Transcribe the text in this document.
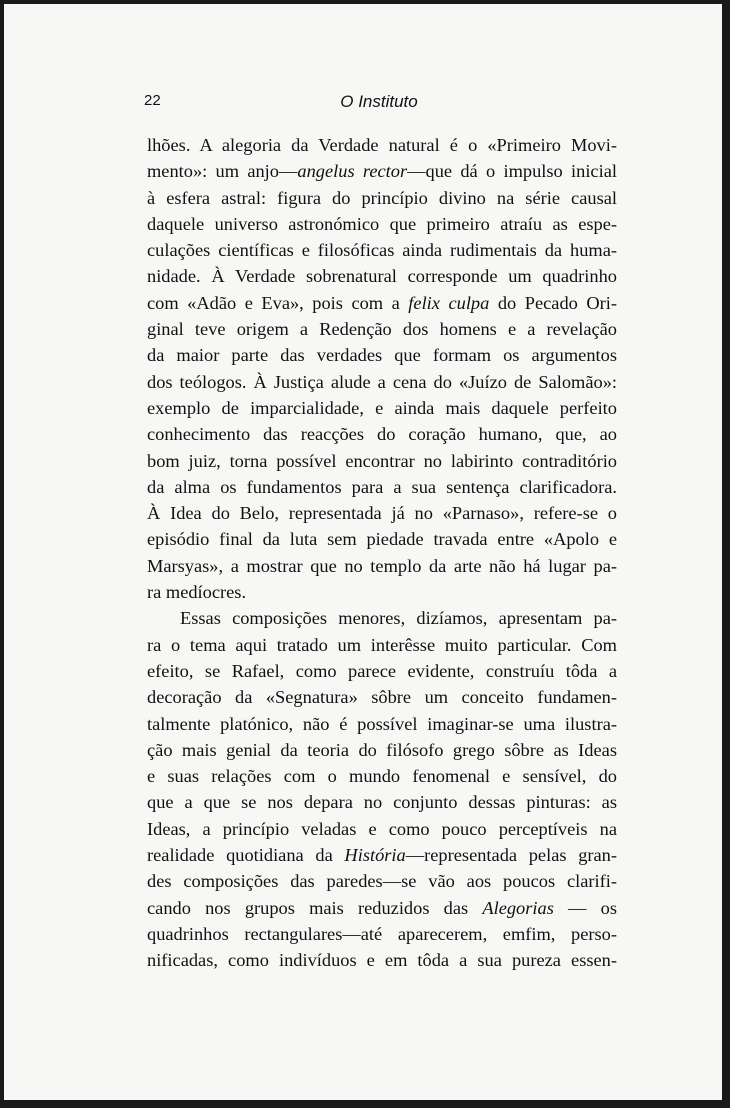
22	O Instituto
lhões. A alegoria da Verdade natural é o «Primeiro Movi-
mento»: um anjo—angelus rector—que dá o impulso inicial
à esfera astral: figura do princípio divino na série causal
daquele universo astronómico que primeiro atraíu as espe-
culações científicas e filosóficas ainda rudimentais da huma-
nidade. À Verdade sobrenatural corresponde um quadrinho
com «Adão e Eva», pois com a felix culpa do Pecado Ori-
ginal teve origem a Redenção dos homens e a revelação
da maior parte das verdades que formam os argumentos
dos teólogos. À Justiça alude a cena do «Juízo de Salomão»:
exemplo de imparcialidade, e ainda mais daquele perfeito
conhecimento das reacções do coração humano, que, ao
bom juiz, torna possível encontrar no labirinto contraditório
da alma os fundamentos para a sua sentença clarificadora.
À Idea do Belo, representada já no «Parnaso», refere-se o
episódio final da luta sem piedade travada entre «Apolo e
Marsyas», a mostrar que no templo da arte não há lugar pa-
ra medíocres.
Essas composições menores, dizíamos, apresentam pa-
ra o tema aqui tratado um interêsse muito particular. Com
efeito, se Rafael, como parece evidente, construíu tôda a
decoração da «Segnatura» sôbre um conceito fundamen-
talmente platónico, não é possível imaginar-se uma ilustra-
ção mais genial da teoria do filósofo grego sôbre as Ideas
e suas relações com o mundo fenomenal e sensível, do
que a que se nos depara no conjunto dessas pinturas: as
Ideas, a princípio veladas e como pouco perceptíveis na
realidade quotidiana da História—representada pelas gran-
des composições das paredes—se vão aos poucos clarifi-
cando nos grupos mais reduzidos das Alegorias — os
quadrinhos rectangulares—até aparecerem, emfim, perso-
nificadas, como indivíduos e em tôda a sua pureza essen-
